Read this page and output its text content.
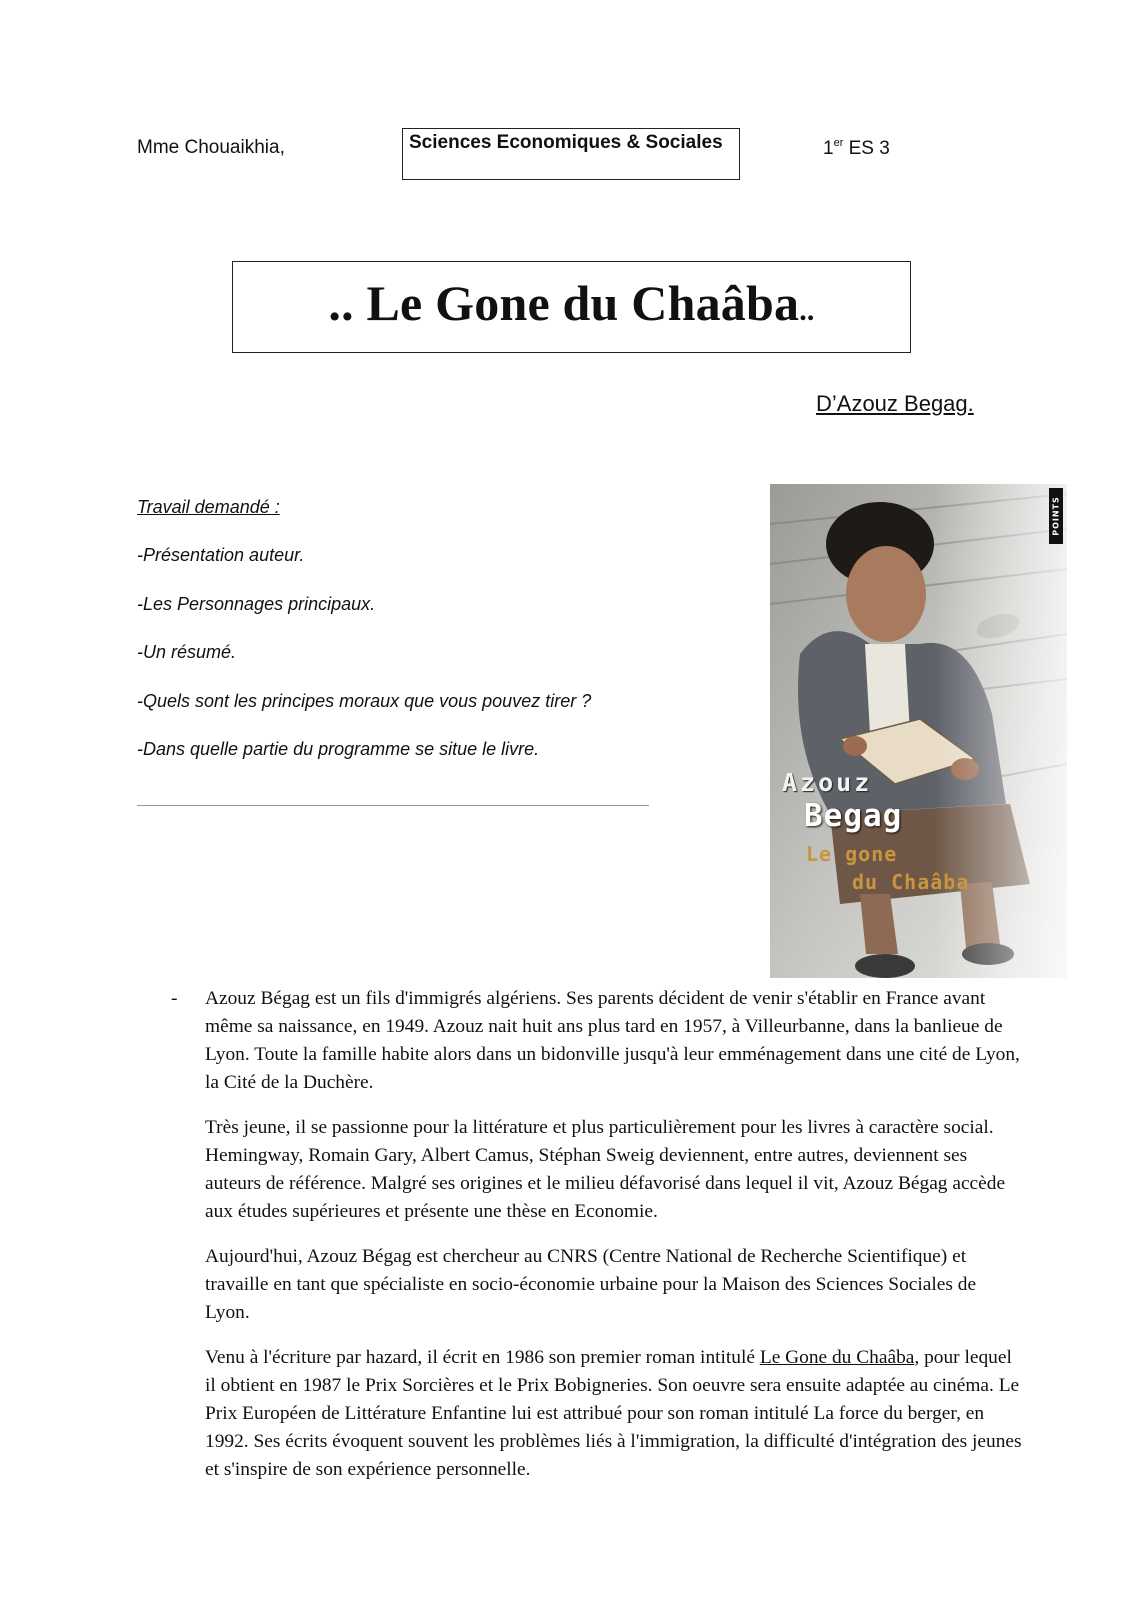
Mme Chouaikhia,	Sciences Economiques & Sociales	1er ES 3
.. Le Gone du Chaâba..
D’Azouz Begag.
Travail demandé :
-Présentation auteur.
-Les Personnages principaux.
-Un résumé.
-Quels sont les principes moraux que vous pouvez tirer ?
-Dans quelle partie du programme se situe le livre.
POINTS
Azouz
Begag
Le gone
du Chaâba
- Azouz Bégag est un fils d'immigrés algériens. Ses parents décident de venir s'établir en France avant même sa naissance, en 1949. Azouz nait huit ans plus tard en 1957, à Villeurbanne, dans la banlieue de Lyon. Toute la famille habite alors dans un bidonville jusqu'à leur emménagement dans une cité de Lyon, la Cité de la Duchère.

Très jeune, il se passionne pour la littérature et plus particulièrement pour les livres à caractère social. Hemingway, Romain Gary, Albert Camus, Stéphan Sweig deviennent, entre autres, deviennent ses auteurs de référence. Malgré ses origines et le milieu défavorisé dans lequel il vit, Azouz Bégag accède aux études supérieures et présente une thèse en Economie.

Aujourd'hui, Azouz Bégag est chercheur au CNRS (Centre National de Recherche Scientifique) et travaille en tant que spécialiste en socio-économie urbaine pour la Maison des Sciences Sociales de Lyon.

Venu à l'écriture par hazard, il écrit en 1986 son premier roman intitulé Le Gone du Chaâba, pour lequel il obtient en 1987 le Prix Sorcières et le Prix Bobigneries. Son oeuvre sera ensuite adaptée au cinéma. Le Prix Européen de Littérature Enfantine lui est attribué pour son roman intitulé La force du berger, en 1992. Ses écrits évoquent souvent les problèmes liés à l'immigration, la difficulté d'intégration des jeunes et s'inspire de son expérience personnelle.
